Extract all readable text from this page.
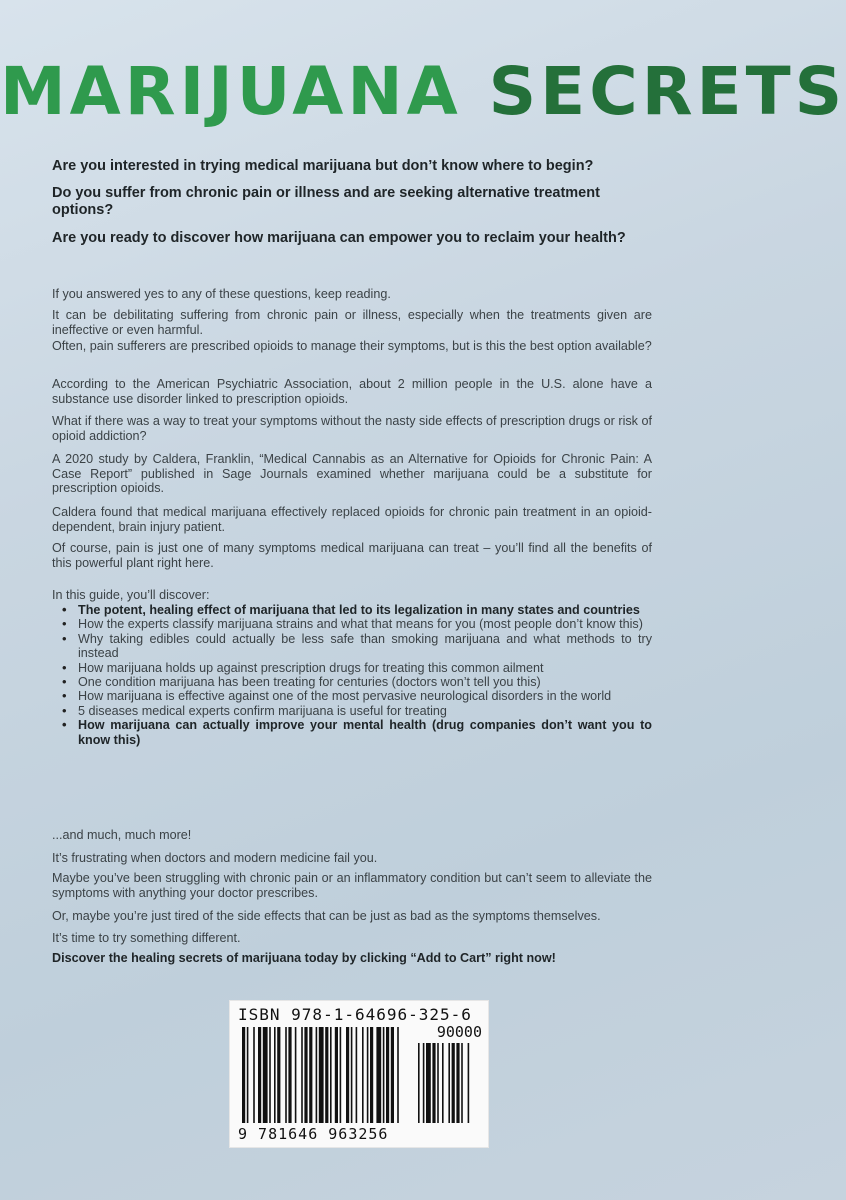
MARIJUANA SECRETS
Are you interested in trying medical marijuana but don’t know where to begin?
Do you suffer from chronic pain or illness and are seeking alternative treatment options?
Are you ready to discover how marijuana can empower you to reclaim your health?
If you answered yes to any of these questions, keep reading.
It can be debilitating suffering from chronic pain or illness, especially when the treatments given are ineffective or even harmful.
Often, pain sufferers are prescribed opioids to manage their symptoms, but is this the best option available?
According to the American Psychiatric Association, about 2 million people in the U.S. alone have a substance use disorder linked to prescription opioids.
What if there was a way to treat your symptoms without the nasty side effects of prescription drugs or risk of opioid addiction?
A 2020 study by Caldera, Franklin, “Medical Cannabis as an Alternative for Opioids for Chronic Pain: A Case Report” published in Sage Journals examined whether marijuana could be a substitute for prescription opioids.
Caldera found that medical marijuana effectively replaced opioids for chronic pain treatment in an opioid-dependent, brain injury patient.
Of course, pain is just one of many symptoms medical marijuana can treat – you’ll find all the benefits of this powerful plant right here.
In this guide, you’ll discover:
• The potent, healing effect of marijuana that led to its legalization in many states and countries
• How the experts classify marijuana strains and what that means for you (most people don’t know this)
• Why taking edibles could actually be less safe than smoking marijuana and what methods to try instead
• How marijuana holds up against prescription drugs for treating this common ailment
• One condition marijuana has been treating for centuries (doctors won’t tell you this)
• How marijuana is effective against one of the most pervasive neurological disorders in the world
• 5 diseases medical experts confirm marijuana is useful for treating
• How marijuana can actually improve your mental health (drug companies don’t want you to know this)
...and much, much more!
It’s frustrating when doctors and modern medicine fail you.
Maybe you’ve been struggling with chronic pain or an inflammatory condition but can’t seem to alleviate the symptoms with anything your doctor prescribes.
Or, maybe you’re just tired of the side effects that can be just as bad as the symptoms themselves.
It’s time to try something different.
Discover the healing secrets of marijuana today by clicking “Add to Cart” right now!
ISBN 978-1-64696-325-6
90000
9 781646 963256
